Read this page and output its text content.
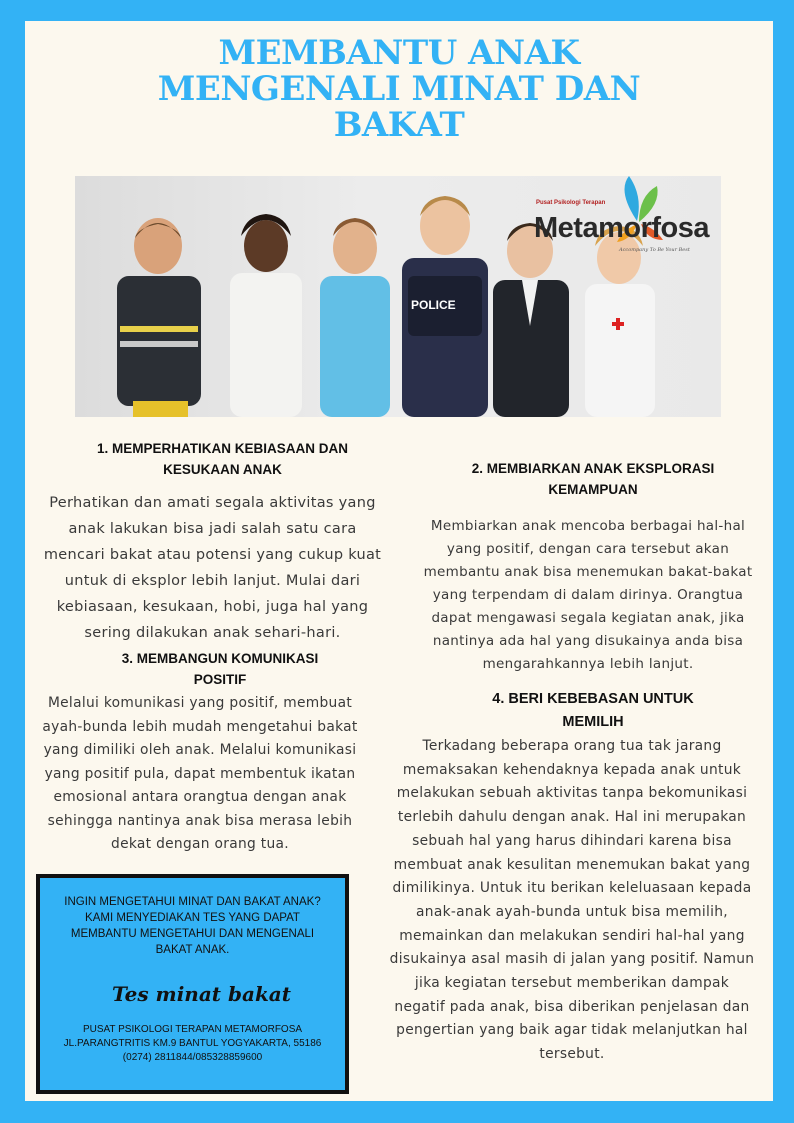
MEMBANTU ANAK
MENGENALI MINAT DAN
BAKAT
Pusat Psikologi Terapan
Metamorfosa
Accompany To Be Your Best
POLICE
1. MEMPERHATIKAN KEBIASAAN DAN
KESUKAAN ANAK
Perhatikan dan amati segala aktivitas yang
anak lakukan bisa jadi salah satu cara
mencari bakat atau potensi yang cukup kuat
untuk di eksplor lebih lanjut. Mulai dari
kebiasaan, kesukaan, hobi, juga hal yang
sering dilakukan anak sehari-hari.
2. MEMBIARKAN ANAK EKSPLORASI
KEMAMPUAN
Membiarkan anak mencoba berbagai hal-hal
yang positif, dengan cara tersebut akan
membantu anak bisa menemukan bakat-bakat
yang terpendam di dalam dirinya. Orangtua
dapat mengawasi segala kegiatan anak, jika
nantinya ada hal yang disukainya anda bisa
mengarahkannya lebih lanjut.
3. MEMBANGUN KOMUNIKASI
POSITIF
Melalui komunikasi yang positif, membuat
ayah-bunda lebih mudah mengetahui bakat
yang dimiliki oleh anak. Melalui komunikasi
yang positif pula, dapat membentuk ikatan
emosional antara orangtua dengan anak
sehingga nantinya anak bisa merasa lebih
dekat dengan orang tua.
4. BERI KEBEBASAN UNTUK
MEMILIH
Terkadang beberapa orang tua tak jarang
memaksakan kehendaknya kepada anak untuk
melakukan sebuah aktivitas tanpa bekomunikasi
terlebih dahulu dengan anak. Hal ini merupakan
sebuah hal yang harus dihindari karena bisa
membuat anak kesulitan menemukan bakat yang
dimilikinya. Untuk itu berikan keleluasaan kepada
anak-anak ayah-bunda untuk bisa memilih,
memainkan dan melakukan sendiri hal-hal yang
disukainya asal masih di jalan yang positif. Namun
jika kegiatan tersebut memberikan dampak
negatif pada anak, bisa diberikan penjelasan dan
pengertian yang baik agar tidak melanjutkan hal
tersebut.
INGIN MENGETAHUI MINAT DAN BAKAT ANAK?
KAMI MENYEDIAKAN TES YANG DAPAT
MEMBANTU MENGETAHUI DAN MENGENALI
BAKAT ANAK.
Tes minat bakat
PUSAT PSIKOLOGI TERAPAN METAMORFOSA
JL.PARANGTRITIS KM.9 BANTUL YOGYAKARTA, 55186
(0274) 2811844/085328859600
